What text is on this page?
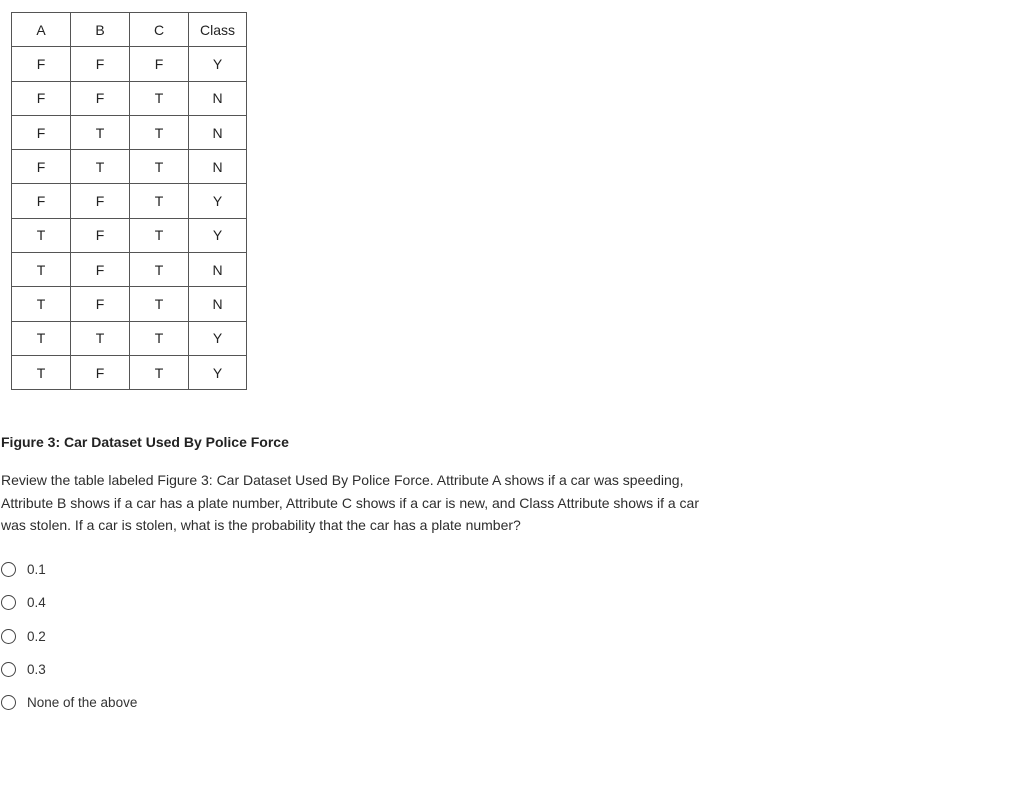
A	B	C	Class
F	F	F	Y
F	F	T	N
F	T	T	N
F	T	T	N
F	F	T	Y
T	F	T	Y
T	F	T	N
T	F	T	N
T	T	T	Y
T	F	T	Y

Figure 3: Car Dataset Used By Police Force

Review the table labeled Figure 3: Car Dataset Used By Police Force. Attribute A shows if a car was speeding, Attribute B shows if a car has a plate number, Attribute C shows if a car is new, and Class Attribute shows if a car was stolen. If a car is stolen, what is the probability that the car has a plate number?

0.1
0.4
0.2
0.3
None of the above
